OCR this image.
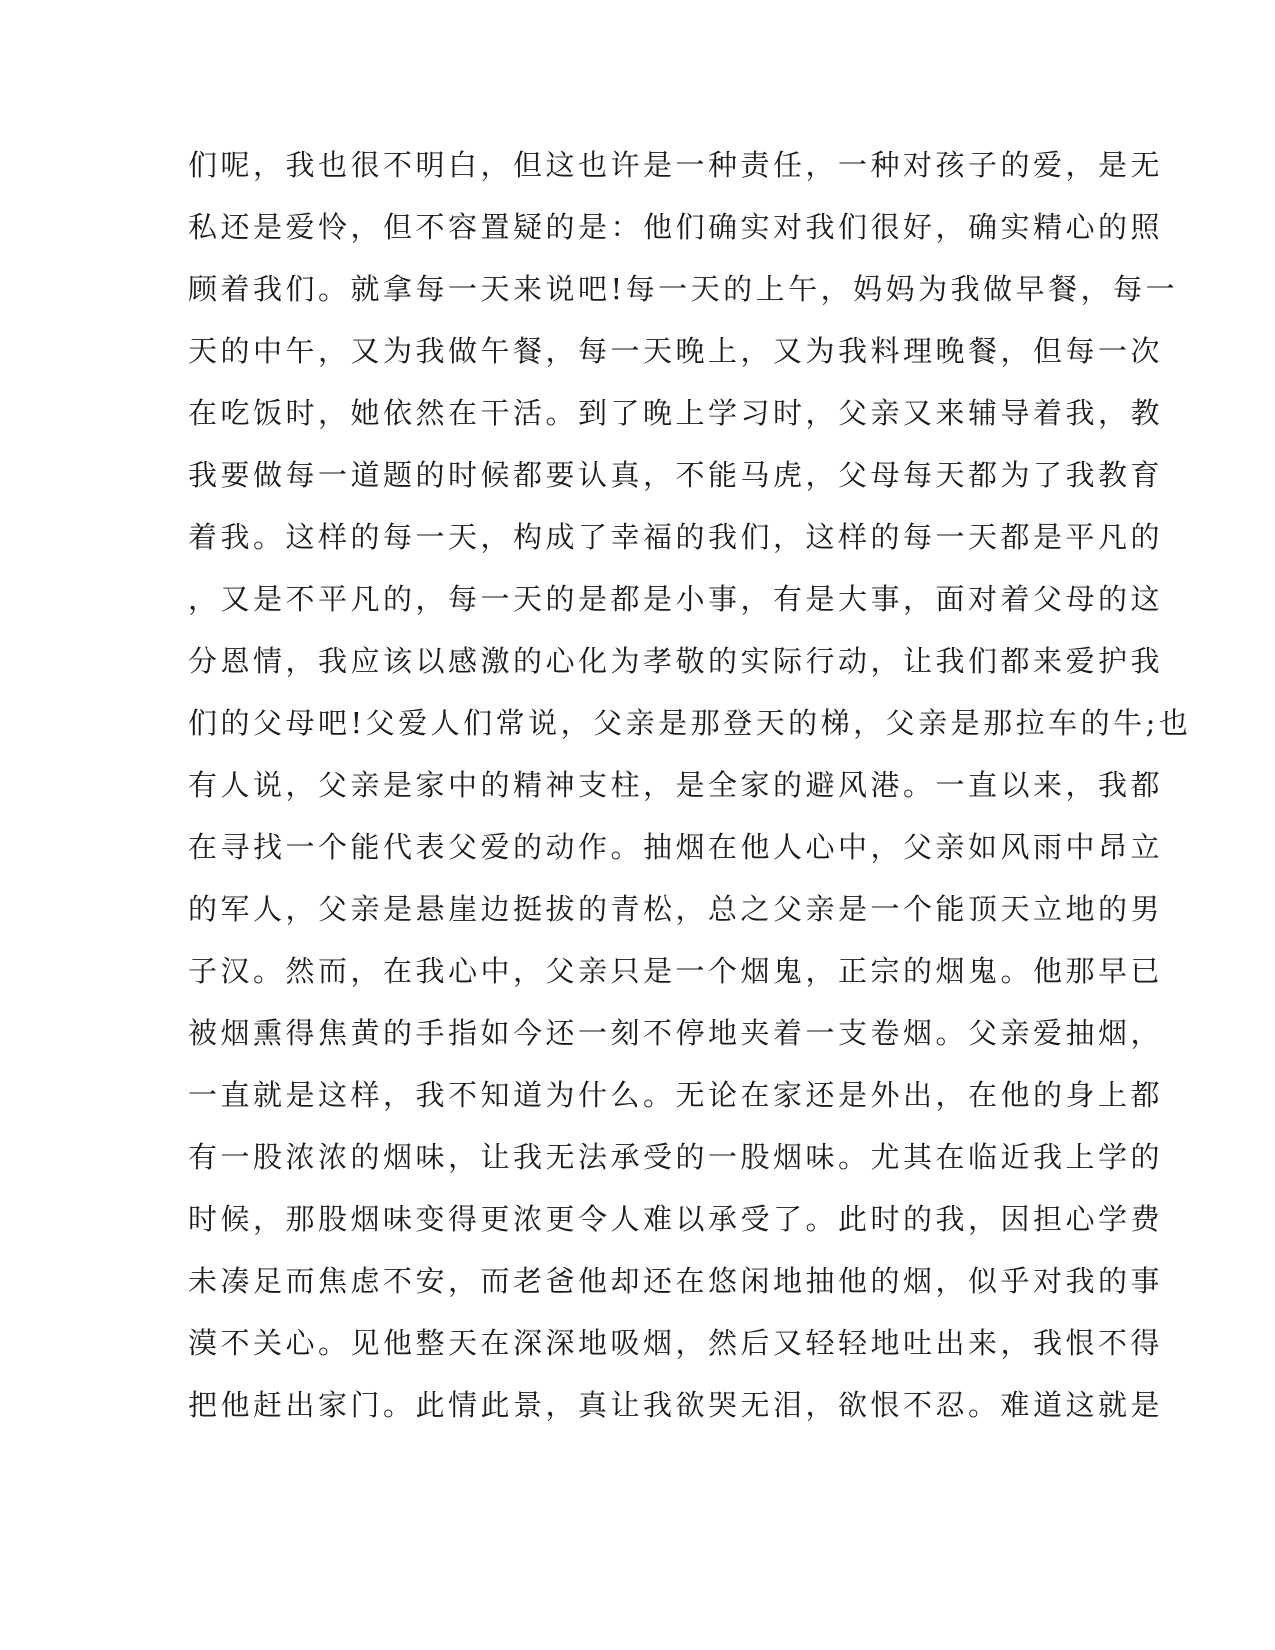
们呢，我也很不明白，但这也许是一种责任，一种对孩子的爱，是无
私还是爱怜，但不容置疑的是：他们确实对我们很好，确实精心的照
顾着我们。就拿每一天来说吧!每一天的上午，妈妈为我做早餐，每一
天的中午，又为我做午餐，每一天晚上，又为我料理晚餐，但每一次
在吃饭时，她依然在干活。到了晚上学习时，父亲又来辅导着我，教
我要做每一道题的时候都要认真，不能马虎，父母每天都为了我教育
着我。这样的每一天，构成了幸福的我们，这样的每一天都是平凡的
，又是不平凡的，每一天的是都是小事，有是大事，面对着父母的这
分恩情，我应该以感激的心化为孝敬的实际行动，让我们都来爱护我
们的父母吧!父爱人们常说，父亲是那登天的梯，父亲是那拉车的牛;也
有人说，父亲是家中的精神支柱，是全家的避风港。一直以来，我都
在寻找一个能代表父爱的动作。抽烟在他人心中，父亲如风雨中昂立
的军人，父亲是悬崖边挺拔的青松，总之父亲是一个能顶天立地的男
子汉。然而，在我心中，父亲只是一个烟鬼，正宗的烟鬼。他那早已
被烟熏得焦黄的手指如今还一刻不停地夹着一支卷烟。父亲爱抽烟，
一直就是这样，我不知道为什么。无论在家还是外出，在他的身上都
有一股浓浓的烟味，让我无法承受的一股烟味。尤其在临近我上学的
时候，那股烟味变得更浓更令人难以承受了。此时的我，因担心学费
未凑足而焦虑不安，而老爸他却还在悠闲地抽他的烟，似乎对我的事
漠不关心。见他整天在深深地吸烟，然后又轻轻地吐出来，我恨不得
把他赶出家门。此情此景，真让我欲哭无泪，欲恨不忍。难道这就是
